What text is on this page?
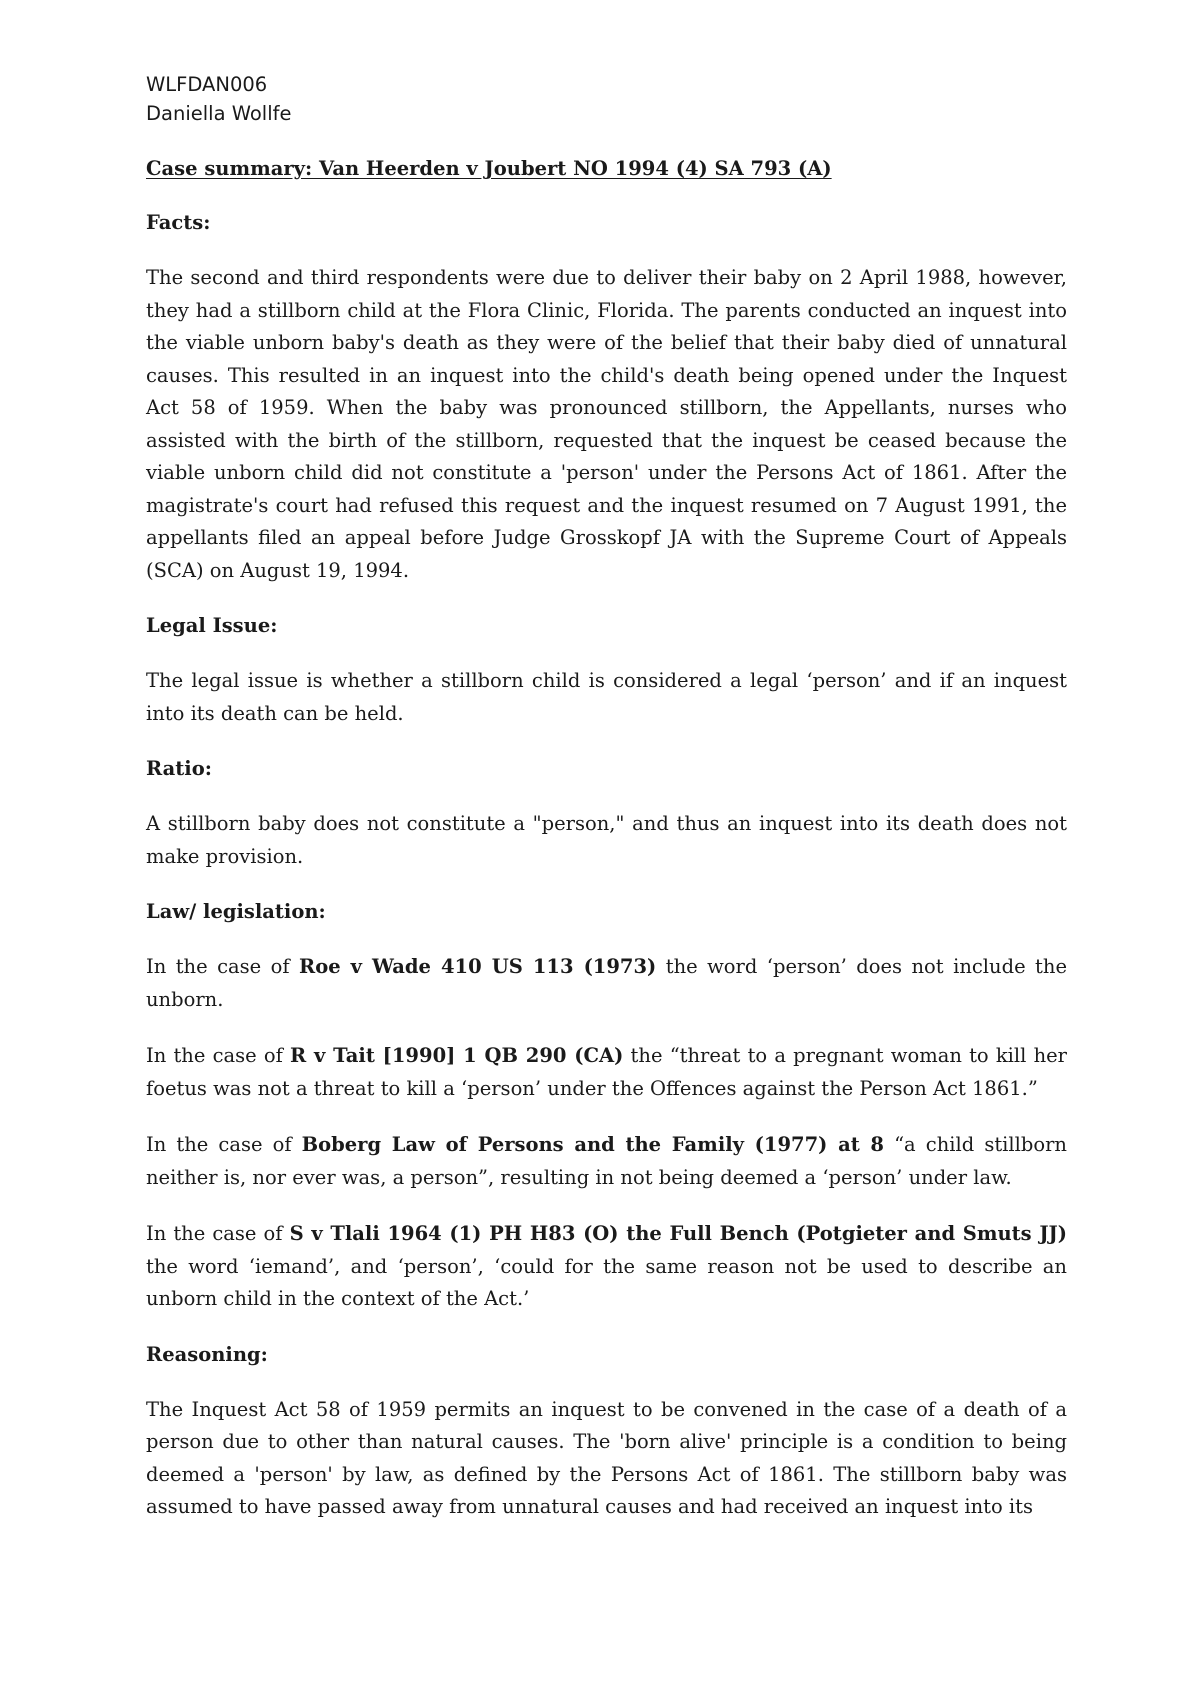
WLFDAN006
Daniella Wollfe
Case summary: Van Heerden v Joubert NO 1994 (4) SA 793 (A)
Facts:
The second and third respondents were due to deliver their baby on 2 April 1988, however, they had a stillborn child at the Flora Clinic, Florida. The parents conducted an inquest into the viable unborn baby's death as they were of the belief that their baby died of unnatural causes. This resulted in an inquest into the child's death being opened under the Inquest Act 58 of 1959. When the baby was pronounced stillborn, the Appellants, nurses who assisted with the birth of the stillborn, requested that the inquest be ceased because the viable unborn child did not constitute a 'person' under the Persons Act of 1861. After the magistrate's court had refused this request and the inquest resumed on 7 August 1991, the appellants filed an appeal before Judge Grosskopf JA with the Supreme Court of Appeals (SCA) on August 19, 1994.
Legal Issue:
The legal issue is whether a stillborn child is considered a legal ‘person’ and if an inquest into its death can be held.
Ratio:
A stillborn baby does not constitute a "person," and thus an inquest into its death does not make provision.
Law/ legislation:
In the case of Roe v Wade 410 US 113 (1973) the word ‘person’ does not include the unborn.
In the case of R v Tait [1990] 1 QB 290 (CA) the “threat to a pregnant woman to kill her foetus was not a threat to kill a ‘person’ under the Offences against the Person Act 1861.”
In the case of Boberg Law of Persons and the Family (1977) at 8 “a child stillborn neither is, nor ever was, a person”, resulting in not being deemed a ‘person’ under law.
In the case of S v Tlali 1964 (1) PH H83 (O) the Full Bench (Potgieter and Smuts JJ) the word ‘iemand’, and ‘person’, ‘could for the same reason not be used to describe an unborn child in the context of the Act.’
Reasoning:
The Inquest Act 58 of 1959 permits an inquest to be convened in the case of a death of a person due to other than natural causes. The 'born alive' principle is a condition to being deemed a 'person' by law, as defined by the Persons Act of 1861. The stillborn baby was assumed to have passed away from unnatural causes and had received an inquest into its
